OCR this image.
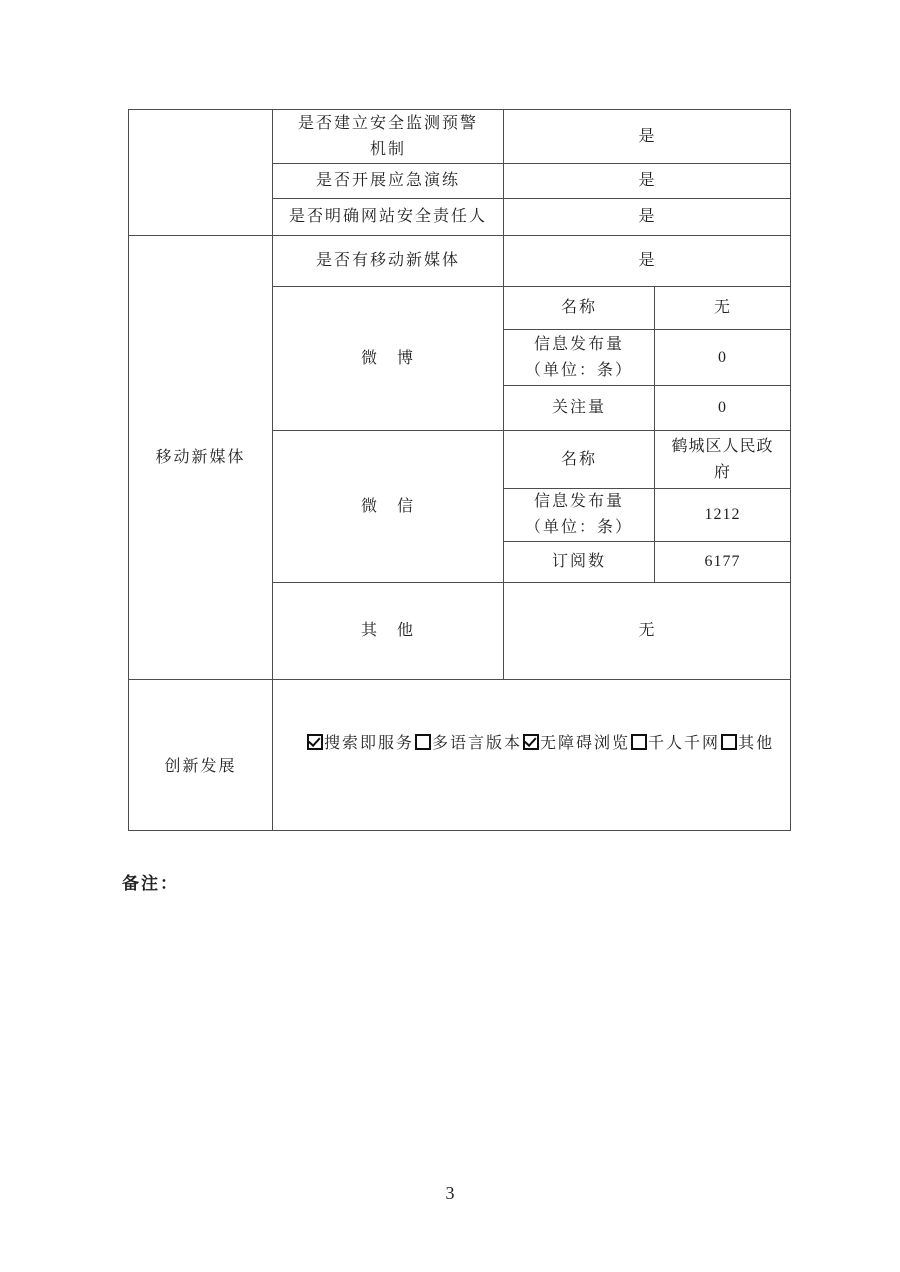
	是否建立安全监测预警
机制	是	
	是否开展应急演练	是	
	是否明确网站安全责任人	是	
移动新媒体	是否有移动新媒体	是	
	微　博	名称	无
		信息发布量
（单位：条）	0
		关注量	0
	微　信	名称	鹤城区人民政府
		信息发布量
（单位：条）	1212
		订阅数	6177
	其　他	无	
创新发展	搜索即服务 多语言版本 无障碍浏览 千人千网 其他		
备注：
3
